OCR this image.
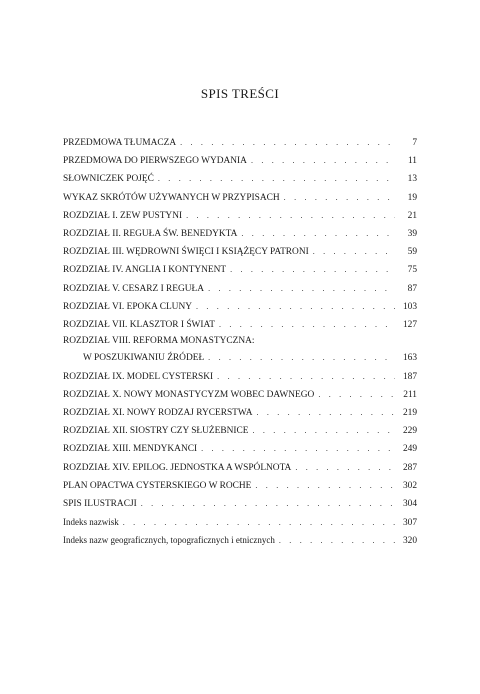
SPIS TREŚCI
PRZEDMOWA TŁUMACZA . . .	7
PRZEDMOWA DO PIERWSZEGO WYDANIA . . .	11
SŁOWNICZEK POJĘĆ . . .	13
WYKAZ SKRÓTÓW UŻYWANYCH W PRZYPISACH . . .	19
ROZDZIAŁ I. ZEW PUSTYNI . . .	21
ROZDZIAŁ II. REGUŁA ŚW. BENEDYKTA . . .	39
ROZDZIAŁ III. WĘDROWNI ŚWIĘCI I KSIĄŻĘCY PATRONI . . .	59
ROZDZIAŁ IV. ANGLIA I KONTYNENT . . .	75
ROZDZIAŁ V. CESARZ I REGUŁA . . .	87
ROZDZIAŁ VI. EPOKA CLUNY . . .	103
ROZDZIAŁ VII. KLASZTOR I ŚWIAT . . .	127
ROZDZIAŁ VIII. REFORMA MONASTYCZNA:
W POSZUKIWANIU ŹRÓDEŁ . . .	163
ROZDZIAŁ IX. MODEL CYSTERSKI . . .	187
ROZDZIAŁ X. NOWY MONASTYCYZM WOBEC DAWNEGO . . .	211
ROZDZIAŁ XI. NOWY RODZAJ RYCERSTWA . . .	219
ROZDZIAŁ XII. SIOSTRY CZY SŁUŻEBNICE . . .	229
ROZDZIAŁ XIII. MENDYKANCI . . .	249
ROZDZIAŁ XIV. EPILOG. JEDNOSTKA A WSPÓLNOTA . . .	287
PLAN OPACTWA CYSTERSKIEGO W ROCHE . . .	302
SPIS ILUSTRACJI . . .	304
Indeks nazwisk . . .	307
Indeks nazw geograficznych, topograficznych i etnicznych . . .	320
